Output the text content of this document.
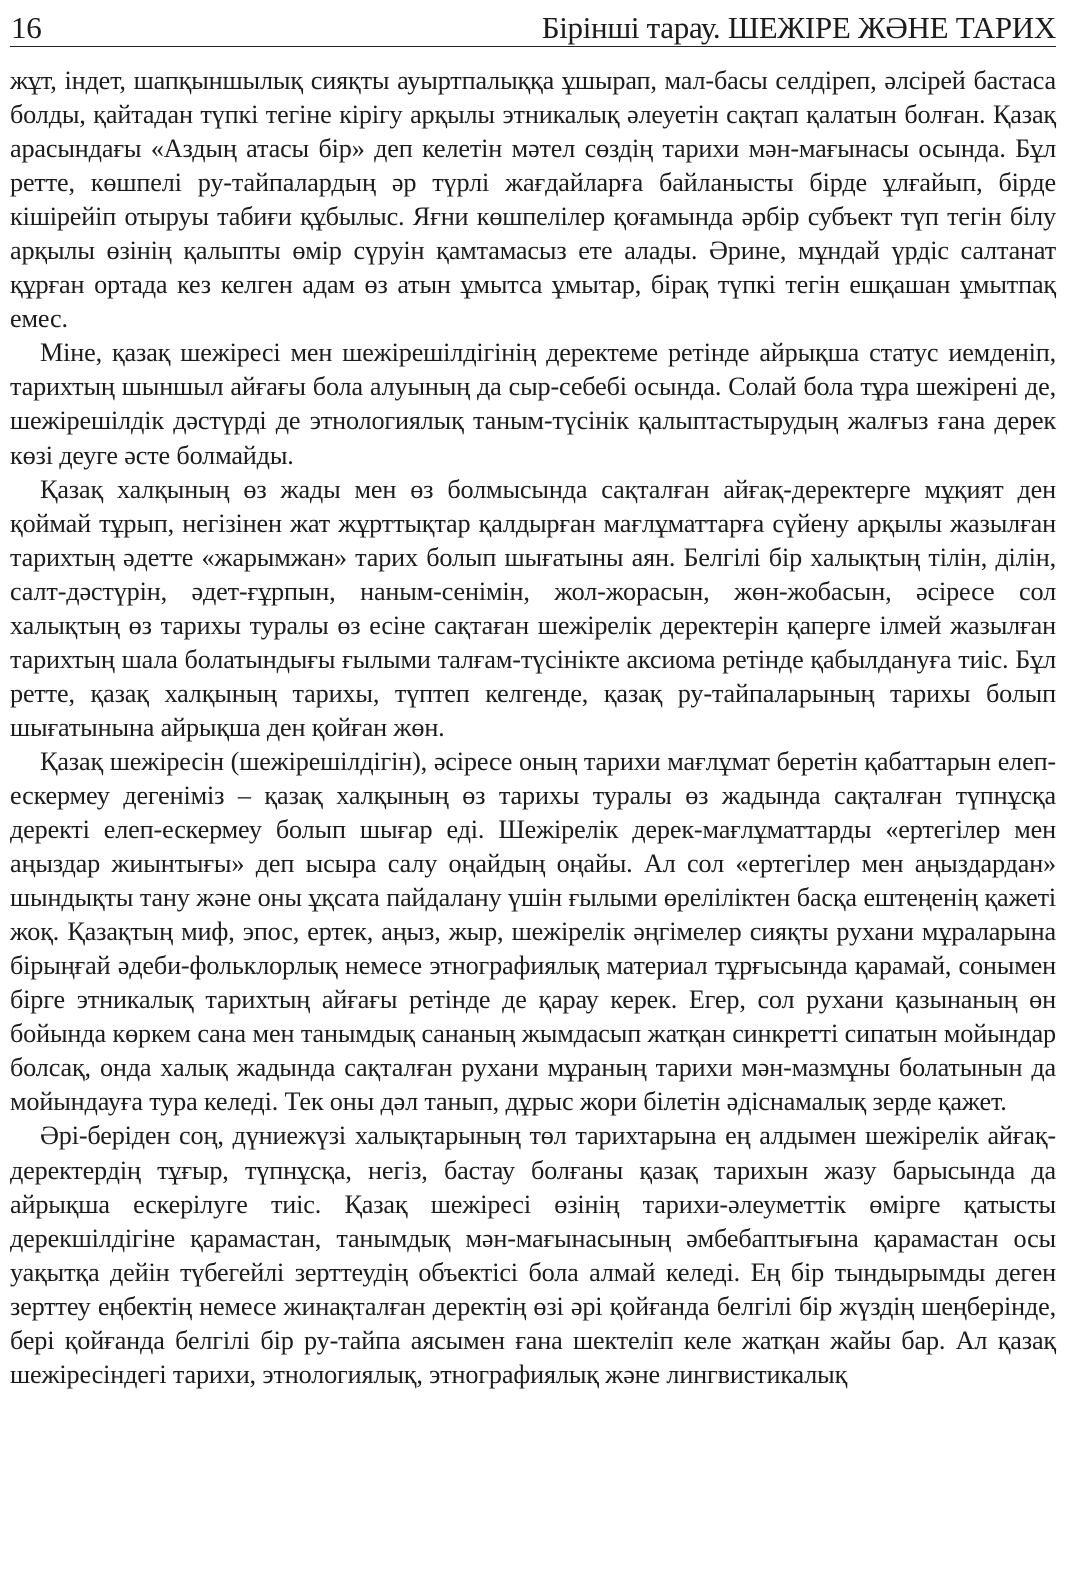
16	Бірінші тарау. ШЕЖІРЕ ЖӘНЕ ТАРИХ

жұт, індет, шапқыншылық сияқты ауыртпалыққа ұшырап, мал-басы селдіреп, әлсірей бастаса болды, қайтадан түпкі тегіне кірігу арқылы этникалық әлеуетін сақтап қалатын болған. Қазақ арасындағы «Аздың атасы бір» деп келетін мәтел сөздің тарихи мән-мағынасы осында. Бұл ретте, көшпелі ру-тайпалардың әр түрлі жағдайларға байланысты бірде ұлғайып, бірде кішірейіп отыруы табиғи құбылыс. Яғни көшпелілер қоғамында әрбір субъект түп тегін білу арқылы өзінің қалыпты өмір сүруін қамтамасыз ете алады. Әрине, мұндай үрдіс салтанат құрған ортада кез келген адам өз атын ұмытса ұмытар, бірақ түпкі тегін ешқашан ұмытпақ емес.

Міне, қазақ шежіресі мен шежірешілдігінің деректеме ретінде айрықша статус иемденіп, тарихтың шыншыл айғағы бола алуының да сыр-себебі осында. Солай бола тұра шежірені де, шежірешілдік дәстүрді де этнологиялық таным-түсінік қалыптастырудың жалғыз ғана дерек көзі деуге әсте болмайды.

Қазақ халқының өз жады мен өз болмысында сақталған айғақ-деректерге мұқият ден қоймай тұрып, негізінен жат жұрттықтар қалдырған мағлұматтарға сүйену арқылы жазылған тарихтың әдетте «жарымжан» тарих болып шығатыны аян. Белгілі бір халықтың тілін, ділін, салт-дәстүрін, әдет-ғұрпын, наным-сенімін, жол-жорасын, жөн-жобасын, әсіресе сол халықтың өз тарихы туралы өз есіне сақтаған шежірелік деректерін қаперге ілмей жазылған тарихтың шала болатындығы ғылыми талғам-түсінікте аксиома ретінде қабылдануға тиіс. Бұл ретте, қазақ халқының тарихы, түптеп келгенде, қазақ ру-тайпаларының тарихы болып шығатынына айрықша ден қойған жөн.

Қазақ шежіресін (шежірешілдігін), әсіресе оның тарихи мағлұмат беретін қабаттарын елеп-ескермеу дегеніміз – қазақ халқының өз тарихы туралы өз жадында сақталған түпнұсқа деректі елеп-ескермеу болып шығар еді. Шежірелік дерек-мағлұматтарды «ертегілер мен аңыздар жиынтығы» деп ысыра салу оңайдың оңайы. Ал сол «ертегілер мен аңыздардан» шындықты тану және оны ұқсата пайдалану үшін ғылыми өреліліктен басқа ештеңенің қажеті жоқ. Қазақтың миф, эпос, ертек, аңыз, жыр, шежірелік әңгімелер сияқты рухани мұраларына бірыңғай әдеби-фольклорлық немесе этнографиялық материал тұрғысында қарамай, сонымен бірге этникалық тарихтың айғағы ретінде де қарау керек. Егер, сол рухани қазынаның өн бойында көркем сана мен танымдық сананың жымдасып жатқан синкретті сипатын мойындар болсақ, онда халық жадында сақталған рухани мұраның тарихи мән-мазмұны болатынын да мойындауға тура келеді. Тек оны дәл танып, дұрыс жори білетін әдіснамалық зерде қажет.

Әрі-беріден соң, дүниежүзі халықтарының төл тарихтарына ең алдымен шежірелік айғақ-деректердің тұғыр, түпнұсқа, негіз, бастау болғаны қазақ тарихын жазу барысында да айрықша ескерілуге тиіс. Қазақ шежіресі өзінің тарихи-әлеуметтік өмірге қатысты дерекшілдігіне қарамастан, танымдық мән-мағынасының әмбебаптығына қарамастан осы уақытқа дейін түбегейлі зерттеудің объектісі бола алмай келеді. Ең бір тындырымды деген зерттеу еңбектің немесе жинақталған деректің өзі әрі қойғанда белгілі бір жүздің шеңберінде, бері қойғанда белгілі бір ру-тайпа аясымен ғана шектеліп келе жатқан жайы бар. Ал қазақ шежіресіндегі тарихи, этнологиялық, этнографиялық және лингвистикалық
